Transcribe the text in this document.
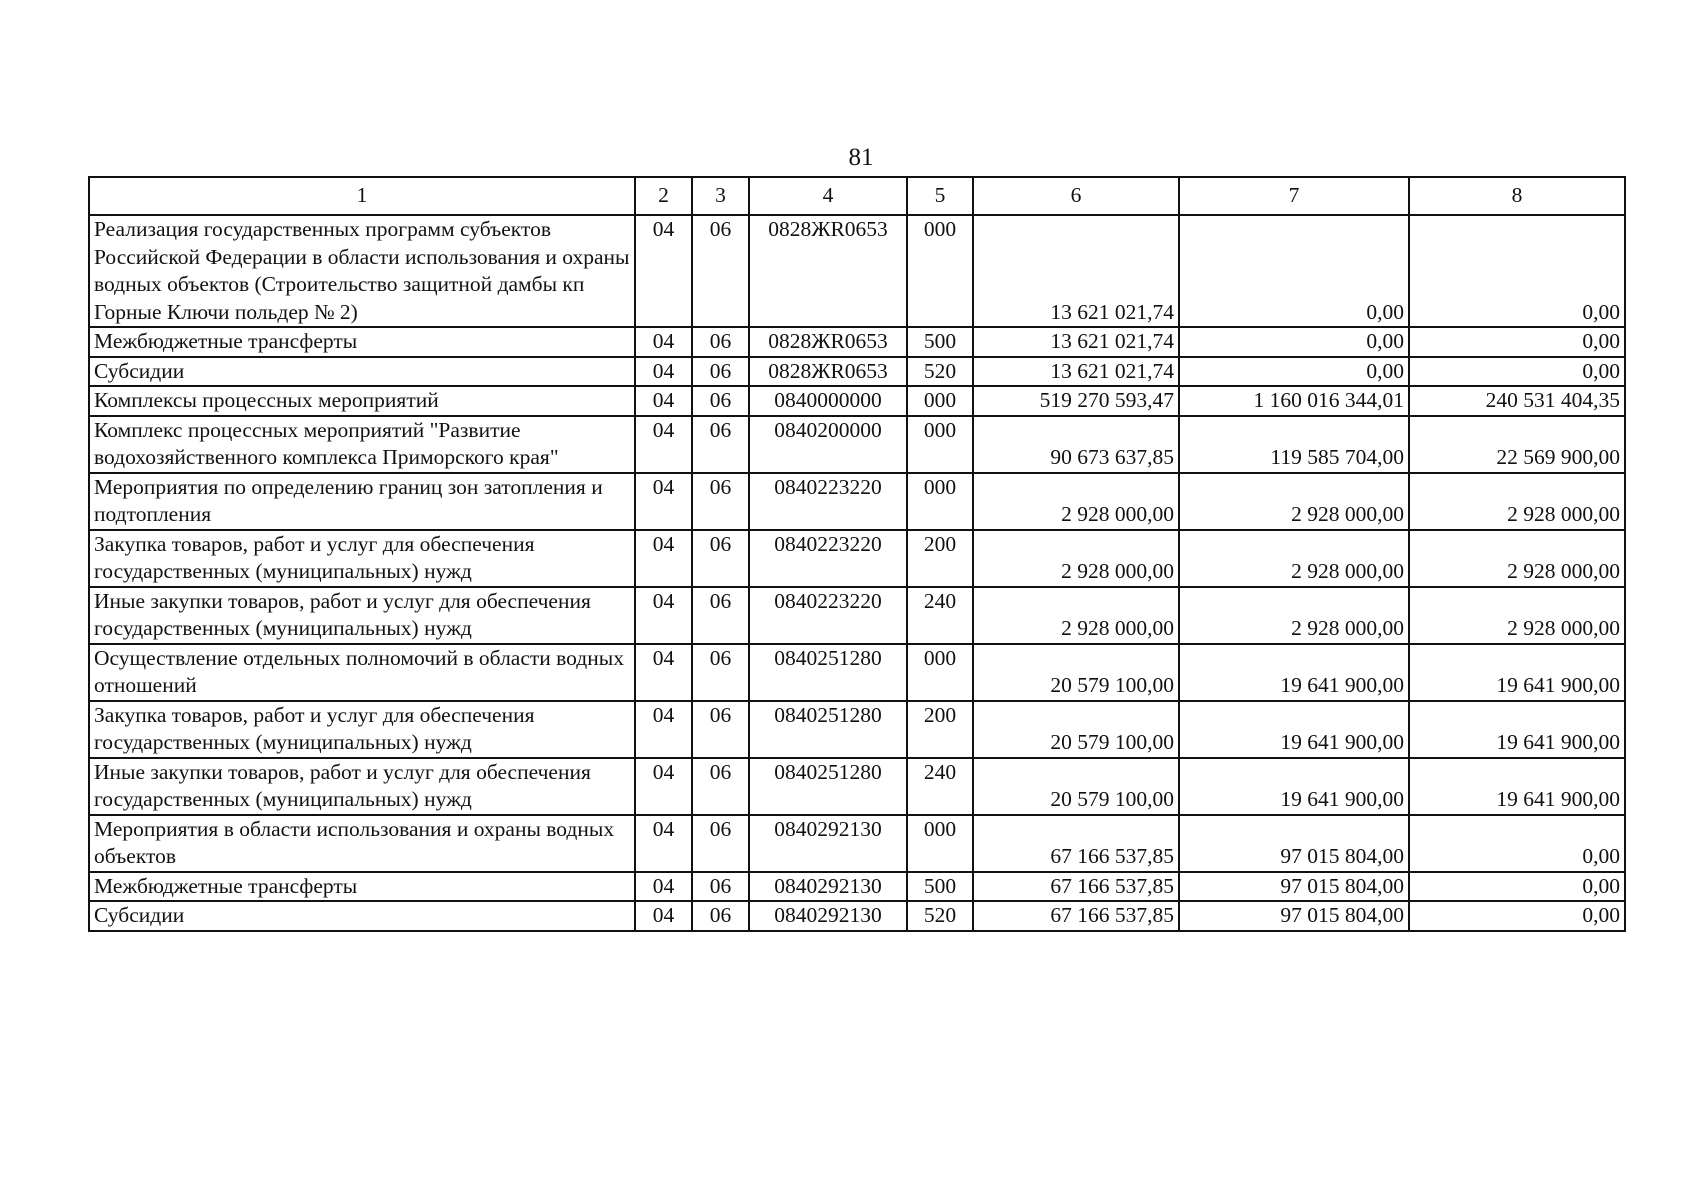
81
1	2	3	4	5	6	7	8
Реализация государственных программ субъектов Российской Федерации в области использования и охраны водных объектов (Строительство защитной дамбы кп Горные Ключи польдер № 2)	04	06	0828ЖR0653	000	13 621 021,74	0,00	0,00
Межбюджетные трансферты	04	06	0828ЖR0653	500	13 621 021,74	0,00	0,00
Субсидии	04	06	0828ЖR0653	520	13 621 021,74	0,00	0,00
Комплексы процессных мероприятий	04	06	0840000000	000	519 270 593,47	1 160 016 344,01	240 531 404,35
Комплекс процессных мероприятий "Развитие водохозяйственного комплекса Приморского края"	04	06	0840200000	000	90 673 637,85	119 585 704,00	22 569 900,00
Мероприятия по определению границ зон затопления и подтопления	04	06	0840223220	000	2 928 000,00	2 928 000,00	2 928 000,00
Закупка товаров, работ и услуг для обеспечения государственных (муниципальных) нужд	04	06	0840223220	200	2 928 000,00	2 928 000,00	2 928 000,00
Иные закупки товаров, работ и услуг для обеспечения государственных (муниципальных) нужд	04	06	0840223220	240	2 928 000,00	2 928 000,00	2 928 000,00
Осуществление отдельных полномочий в области водных отношений	04	06	0840251280	000	20 579 100,00	19 641 900,00	19 641 900,00
Закупка товаров, работ и услуг для обеспечения государственных (муниципальных) нужд	04	06	0840251280	200	20 579 100,00	19 641 900,00	19 641 900,00
Иные закупки товаров, работ и услуг для обеспечения государственных (муниципальных) нужд	04	06	0840251280	240	20 579 100,00	19 641 900,00	19 641 900,00
Мероприятия в области использования и охраны водных объектов	04	06	0840292130	000	67 166 537,85	97 015 804,00	0,00
Межбюджетные трансферты	04	06	0840292130	500	67 166 537,85	97 015 804,00	0,00
Субсидии	04	06	0840292130	520	67 166 537,85	97 015 804,00	0,00
